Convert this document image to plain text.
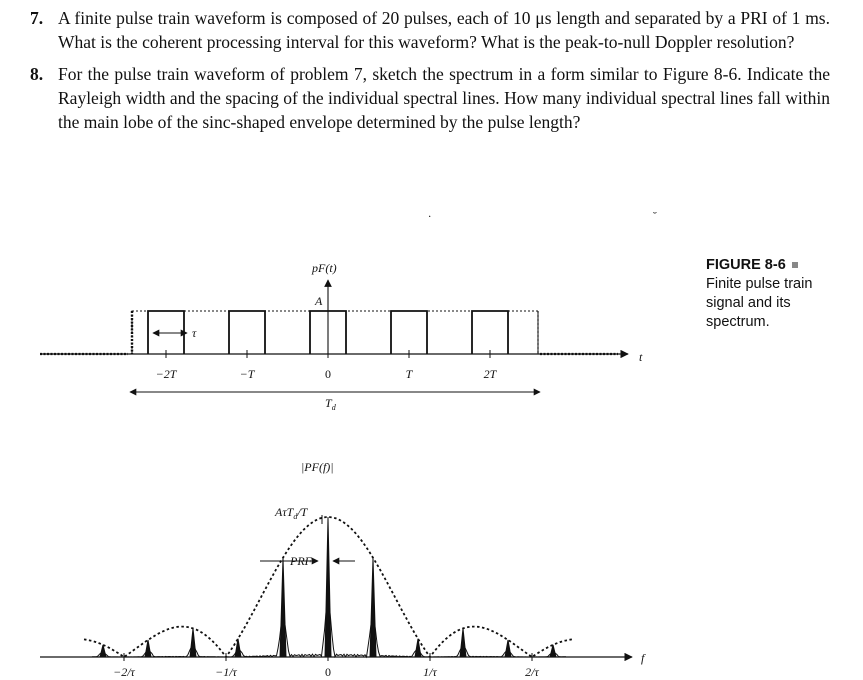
7. A finite pulse train waveform is composed of 20 pulses, each of 10 μs length and separated by a PRI of 1 ms. What is the coherent processing interval for this waveform? What is the peak-to-null Doppler resolution?
8. For the pulse train waveform of problem 7, sketch the spectrum in a form similar to Figure 8-6. Indicate the Rayleigh width and the spacing of the individual spectral lines. How many individual spectral lines fall within the main lobe of the sinc-shaped envelope determined by the pulse length?
FIGURE 8-6
Finite pulse train signal and its spectrum.
t
pF(t)
A
τ
−2T	−T	0	T	2T
$T_d$
·	˘
f
|PF(f)|
AτT$_d$/T
PRF
−2/τ	−1/τ	0	1/τ	2/τ
